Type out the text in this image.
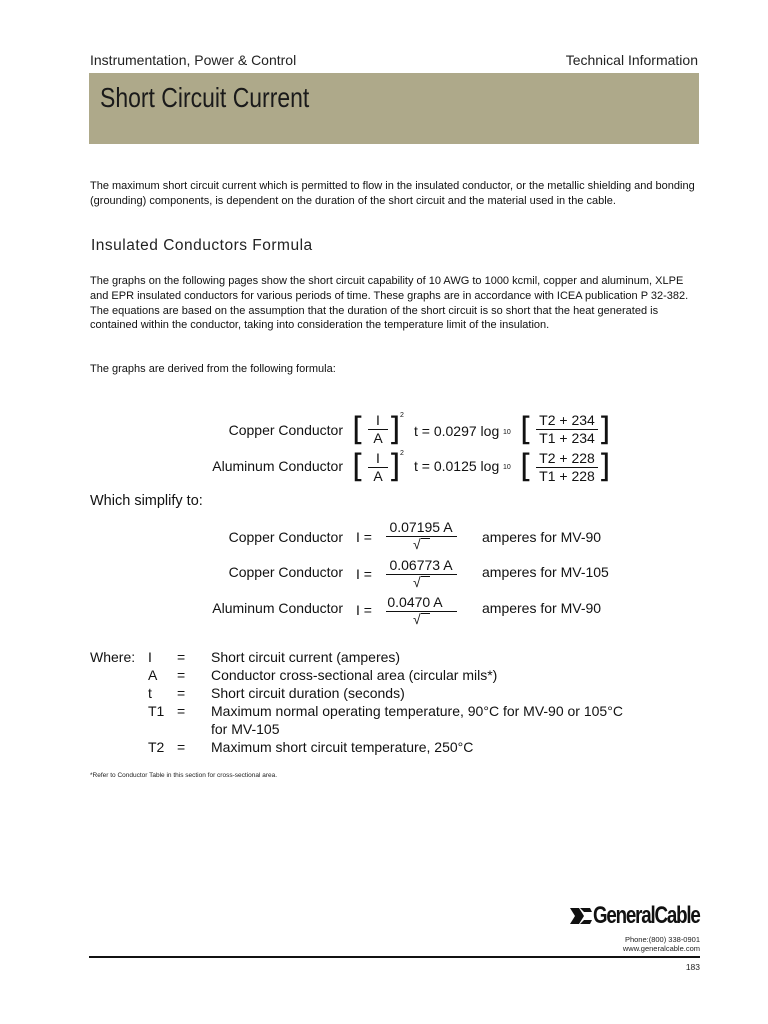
Instrumentation, Power & Control	Technical Information
Short Circuit Current
The maximum short circuit current which is permitted to flow in the insulated conductor, or the metallic shielding and bonding (grounding) components, is dependent on the duration of the short circuit and the material used in the cable.
Insulated Conductors Formula
The graphs on the following pages show the short circuit capability of 10 AWG to 1000 kcmil, copper and aluminum, XLPE and EPR insulated conductors for various periods of time. These graphs are in accordance with ICEA publication P 32-382. The equations are based on the assumption that the duration of the short circuit is so short that the heat generated is contained within the conductor, taking into consideration the temperature limit of the insulation.
The graphs are derived from the following formula:
Copper Conductor [ I
A ] 2
t = 0.0297 log 10 [ T2 + 234
T1 + 234 ]
Aluminum Conductor [ I
A ] 2
t = 0.0125 log 10 [ T2 + 228
T1 + 228 ]
Which simplify to:
Copper Conductor I =
0.07195 A
√	amperes for MV-90
Copper Conductor I =
0.06773 A
√
amperes for MV-105
Aluminum Conductor I = 0.0470 A
√
amperes for MV-90
Where: I = Short circuit current (amperes)
A = Conductor cross-sectional area (circular mils*)
t = Short circuit duration (seconds)
T1 = Maximum normal operating temperature, 90°C for MV-90 or 105°C
for MV-105
T2 = Maximum short circuit temperature, 250°C
*Refer to Conductor Table in this section for cross-sectional area.
GeneralCable
Phone:(800) 338-0901
www.generalcable.com
183
